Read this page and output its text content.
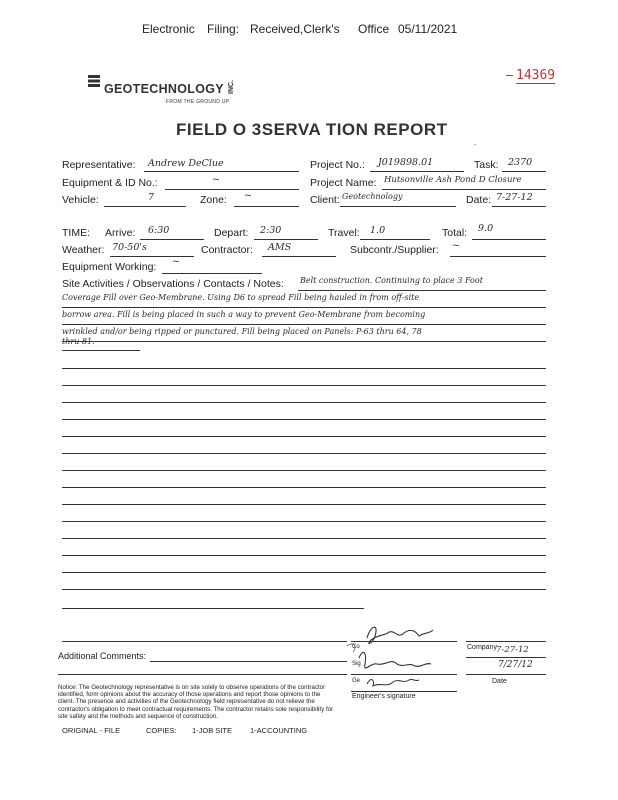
Electronic Filing: Received,Clerk's Office 05/11/2021
14369
GEOTECHNOLOGY INC.
FROM THE GROUND UP
FIELD O 3SERVA TION REPORT
-
Representative: Andrew DeClue	Project No.: J019898.01	Task: 2370
Equipment & ID No.:	~	Project Name: Hutsonville Ash Pond D Closure
Vehicle:	7	Zone: ~	Client: Geotechnology	Date: 7-27-12
TIME: Arrive: 6:30	Depart: 2:30	Travel: 1.0	Total: 9.0
Weather: 70-50's	Contractor: AMS	Subcontr./Supplier: ~
Equipment Working: ~
Site Activities / Observations / Contacts / Notes: Belt construction. Continuing to place 3 Foot
Coverage Fill over Geo-Membrane. Using D6 to spread Fill being hauled in from off-site
borrow area. Fill is being placed in such a way to prevent Geo-Membrane from becoming
wrinkled and/or being ripped or punctured. Fill being placed on Panels: P-63 thru 64, 78
thru 81.
Additional Comments:
Co
Sig
Ge
Company 7-27-12
7/27/12
Date
Engineer's signature
Notice: The Geotechnology representative is on site solely to observe operations of the contractor identified, form opinions about the accuracy of those operations and report those opinions to the client. The presence and activities of the Geotechnology field representative do not relieve the contractor's obligation to meet contractual requirements. The contractor retains sole responsibility for site safety and the methods and sequence of construction.
ORIGINAL - FILE	COPIES: 1-JOB SITE 1-ACCOUNTING
